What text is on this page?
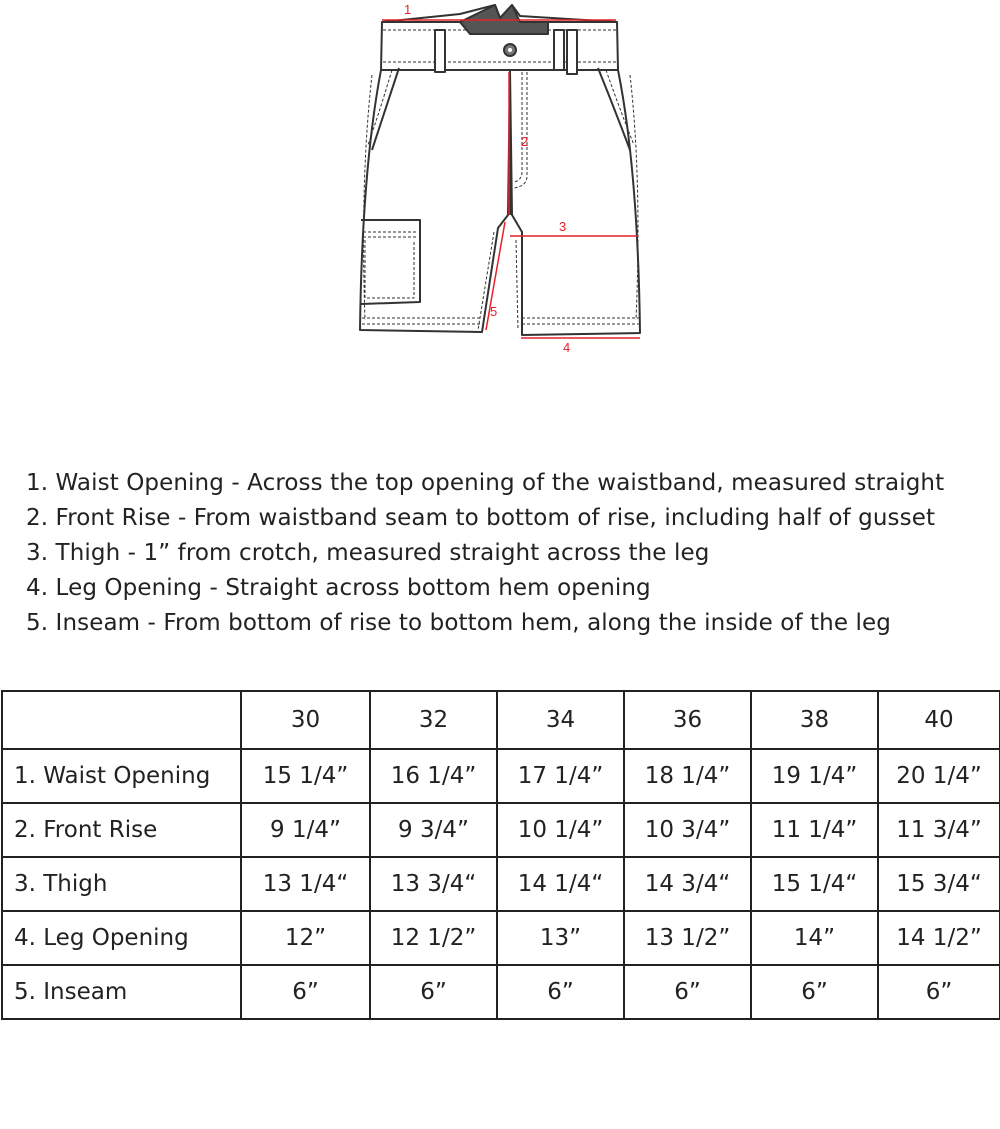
1
2
3
4
5
1. Waist Opening - Across the top opening of the waistband, measured straight
2. Front Rise - From waistband seam to bottom of rise, including half of gusset
3. Thigh - 1” from crotch, measured straight across the leg
4. Leg Opening - Straight across bottom hem opening
5. Inseam - From bottom of rise to bottom hem, along the inside of the leg
	30	32	34	36	38	40
1. Waist Opening	15 1/4”	16 1/4”	17 1/4”	18 1/4”	19 1/4”	20 1/4”
2. Front Rise	9 1/4”	9 3/4”	10 1/4”	10 3/4”	11 1/4”	11 3/4”
3. Thigh	13 1/4“	13 3/4“	14 1/4“	14 3/4“	15 1/4“	15 3/4“
4. Leg Opening	12”	12 1/2”	13”	13 1/2”	14”	14 1/2”
5. Inseam	6”	6”	6”	6”	6”	6”
